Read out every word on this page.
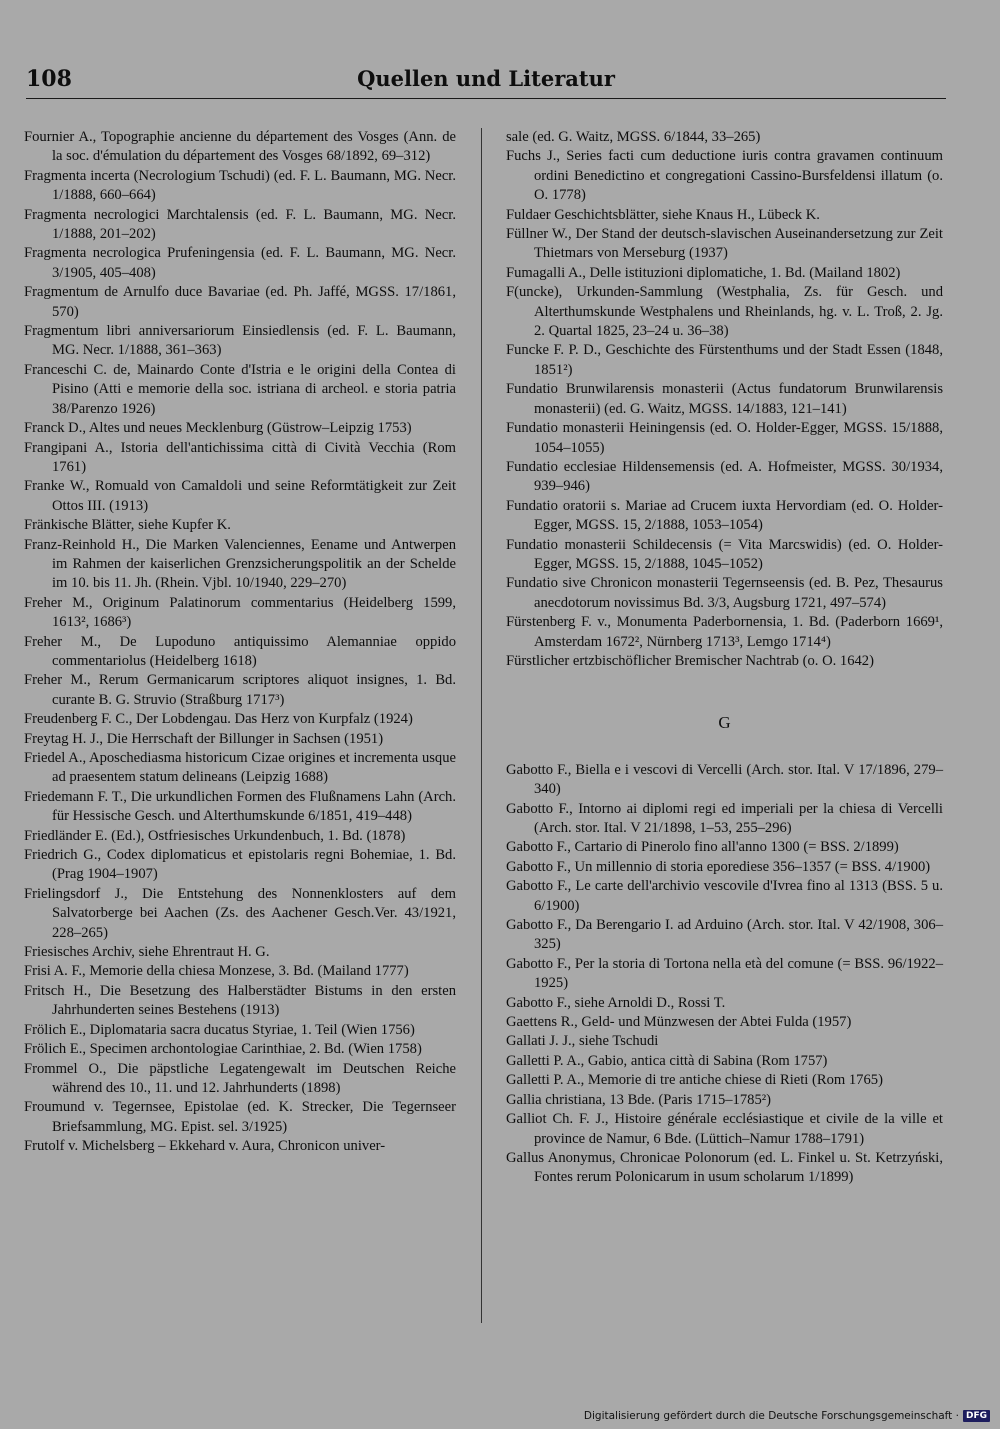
108	Quellen und Literatur

Fournier A., Topographie ancienne du département des Vosges (Ann. de la soc. d'émulation du département des Vosges 68/1892, 69–312)

Fragmenta incerta (Necrologium Tschudi) (ed. F. L. Baumann, MG. Necr. 1/1888, 660–664)

Fragmenta necrologici Marchtalensis (ed. F. L. Baumann, MG. Necr. 1/1888, 201–202)

Fragmenta necrologica Prufeningensia (ed. F. L. Baumann, MG. Necr. 3/1905, 405–408)

Fragmentum de Arnulfo duce Bavariae (ed. Ph. Jaffé, MGSS. 17/1861, 570)

Fragmentum libri anniversariorum Einsiedlensis (ed. F. L. Baumann, MG. Necr. 1/1888, 361–363)

Franceschi C. de, Mainardo Conte d'Istria e le origini della Contea di Pisino (Atti e memorie della soc. istriana di archeol. e storia patria 38/Parenzo 1926)

Franck D., Altes und neues Mecklenburg (Güstrow–Leipzig 1753)

Frangipani A., Istoria dell'antichissima città di Cività Vecchia (Rom 1761)

Franke W., Romuald von Camaldoli und seine Reformtätigkeit zur Zeit Ottos III. (1913)

Fränkische Blätter, siehe Kupfer K.

Franz-Reinhold H., Die Marken Valenciennes, Eename und Antwerpen im Rahmen der kaiserlichen Grenzsicherungspolitik an der Schelde im 10. bis 11. Jh. (Rhein. Vjbl. 10/1940, 229–270)

Freher M., Originum Palatinorum commentarius (Heidelberg 1599, 1613², 1686³)

Freher M., De Lupoduno antiquissimo Alemanniae oppido commentariolus (Heidelberg 1618)

Freher M., Rerum Germanicarum scriptores aliquot insignes, 1. Bd. curante B. G. Struvio (Straßburg 1717³)

Freudenberg F. C., Der Lobdengau. Das Herz von Kurpfalz (1924)

Freytag H. J., Die Herrschaft der Billunger in Sachsen (1951)

Friedel A., Aposchediasma historicum Cizae origines et incrementa usque ad praesentem statum delineans (Leipzig 1688)

Friedemann F. T., Die urkundlichen Formen des Flußnamens Lahn (Arch. für Hessische Gesch. und Alterthumskunde 6/1851, 419–448)

Friedländer E. (Ed.), Ostfriesisches Urkundenbuch, 1. Bd. (1878)

Friedrich G., Codex diplomaticus et epistolaris regni Bohemiae, 1. Bd. (Prag 1904–1907)

Frielingsdorf J., Die Entstehung des Nonnenklosters auf dem Salvatorberge bei Aachen (Zs. des Aachener Gesch.Ver. 43/1921, 228–265)

Friesisches Archiv, siehe Ehrentraut H. G.

Frisi A. F., Memorie della chiesa Monzese, 3. Bd. (Mailand 1777)

Fritsch H., Die Besetzung des Halberstädter Bistums in den ersten Jahrhunderten seines Bestehens (1913)

Frölich E., Diplomataria sacra ducatus Styriae, 1. Teil (Wien 1756)

Frölich E., Specimen archontologiae Carinthiae, 2. Bd. (Wien 1758)

Frommel O., Die päpstliche Legatengewalt im Deutschen Reiche während des 10., 11. und 12. Jahrhunderts (1898)

Froumund v. Tegernsee, Epistolae (ed. K. Strecker, Die Tegernseer Briefsammlung, MG. Epist. sel. 3/1925)

Frutolf v. Michelsberg – Ekkehard v. Aura, Chronicon univer-

sale (ed. G. Waitz, MGSS. 6/1844, 33–265)

Fuchs J., Series facti cum deductione iuris contra gravamen continuum ordini Benedictino et congregationi Cassino-Bursfeldensi illatum (o. O. 1778)

Fuldaer Geschichtsblätter, siehe Knaus H., Lübeck K.

Füllner W., Der Stand der deutsch-slavischen Auseinandersetzung zur Zeit Thietmars von Merseburg (1937)

Fumagalli A., Delle istituzioni diplomatiche, 1. Bd. (Mailand 1802)

F(uncke), Urkunden-Sammlung (Westphalia, Zs. für Gesch. und Alterthumskunde Westphalens und Rheinlands, hg. v. L. Troß, 2. Jg. 2. Quartal 1825, 23–24 u. 36–38)

Funcke F. P. D., Geschichte des Fürstenthums und der Stadt Essen (1848, 1851²)

Fundatio Brunwilarensis monasterii (Actus fundatorum Brunwilarensis monasterii) (ed. G. Waitz, MGSS. 14/1883, 121–141)

Fundatio monasterii Heiningensis (ed. O. Holder-Egger, MGSS. 15/1888, 1054–1055)

Fundatio ecclesiae Hildensemensis (ed. A. Hofmeister, MGSS. 30/1934, 939–946)

Fundatio oratorii s. Mariae ad Crucem iuxta Hervordiam (ed. O. Holder-Egger, MGSS. 15, 2/1888, 1053–1054)

Fundatio monasterii Schildecensis (= Vita Marcswidis) (ed. O. Holder-Egger, MGSS. 15, 2/1888, 1045–1052)

Fundatio sive Chronicon monasterii Tegernseensis (ed. B. Pez, Thesaurus anecdotorum novissimus Bd. 3/3, Augsburg 1721, 497–574)

Fürstenberg F. v., Monumenta Paderbornensia, 1. Bd. (Paderborn 1669¹, Amsterdam 1672², Nürnberg 1713³, Lemgo 1714⁴)

Fürstlicher ertzbischöflicher Bremischer Nachtrab (o. O. 1642)

G

Gabotto F., Biella e i vescovi di Vercelli (Arch. stor. Ital. V 17/1896, 279–340)

Gabotto F., Intorno ai diplomi regi ed imperiali per la chiesa di Vercelli (Arch. stor. Ital. V 21/1898, 1–53, 255–296)

Gabotto F., Cartario di Pinerolo fino all'anno 1300 (= BSS. 2/1899)

Gabotto F., Un millennio di storia eporediese 356–1357 (= BSS. 4/1900)

Gabotto F., Le carte dell'archivio vescovile d'Ivrea fino al 1313 (BSS. 5 u. 6/1900)

Gabotto F., Da Berengario I. ad Arduino (Arch. stor. Ital. V 42/1908, 306–325)

Gabotto F., Per la storia di Tortona nella età del comune (= BSS. 96/1922–1925)

Gabotto F., siehe Arnoldi D., Rossi T.

Gaettens R., Geld- und Münzwesen der Abtei Fulda (1957)

Gallati J. J., siehe Tschudi

Galletti P. A., Gabio, antica città di Sabina (Rom 1757)

Galletti P. A., Memorie di tre antiche chiese di Rieti (Rom 1765)

Gallia christiana, 13 Bde. (Paris 1715–1785²)

Galliot Ch. F. J., Histoire générale ecclésiastique et civile de la ville et province de Namur, 6 Bde. (Lüttich–Namur 1788–1791)

Gallus Anonymus, Chronicae Polonorum (ed. L. Finkel u. St. Ketrzyński, Fontes rerum Polonicarum in usum scholarum 1/1899)

Digitalisierung gefördert durch die Deutsche Forschungsgemeinschaft · DFG
